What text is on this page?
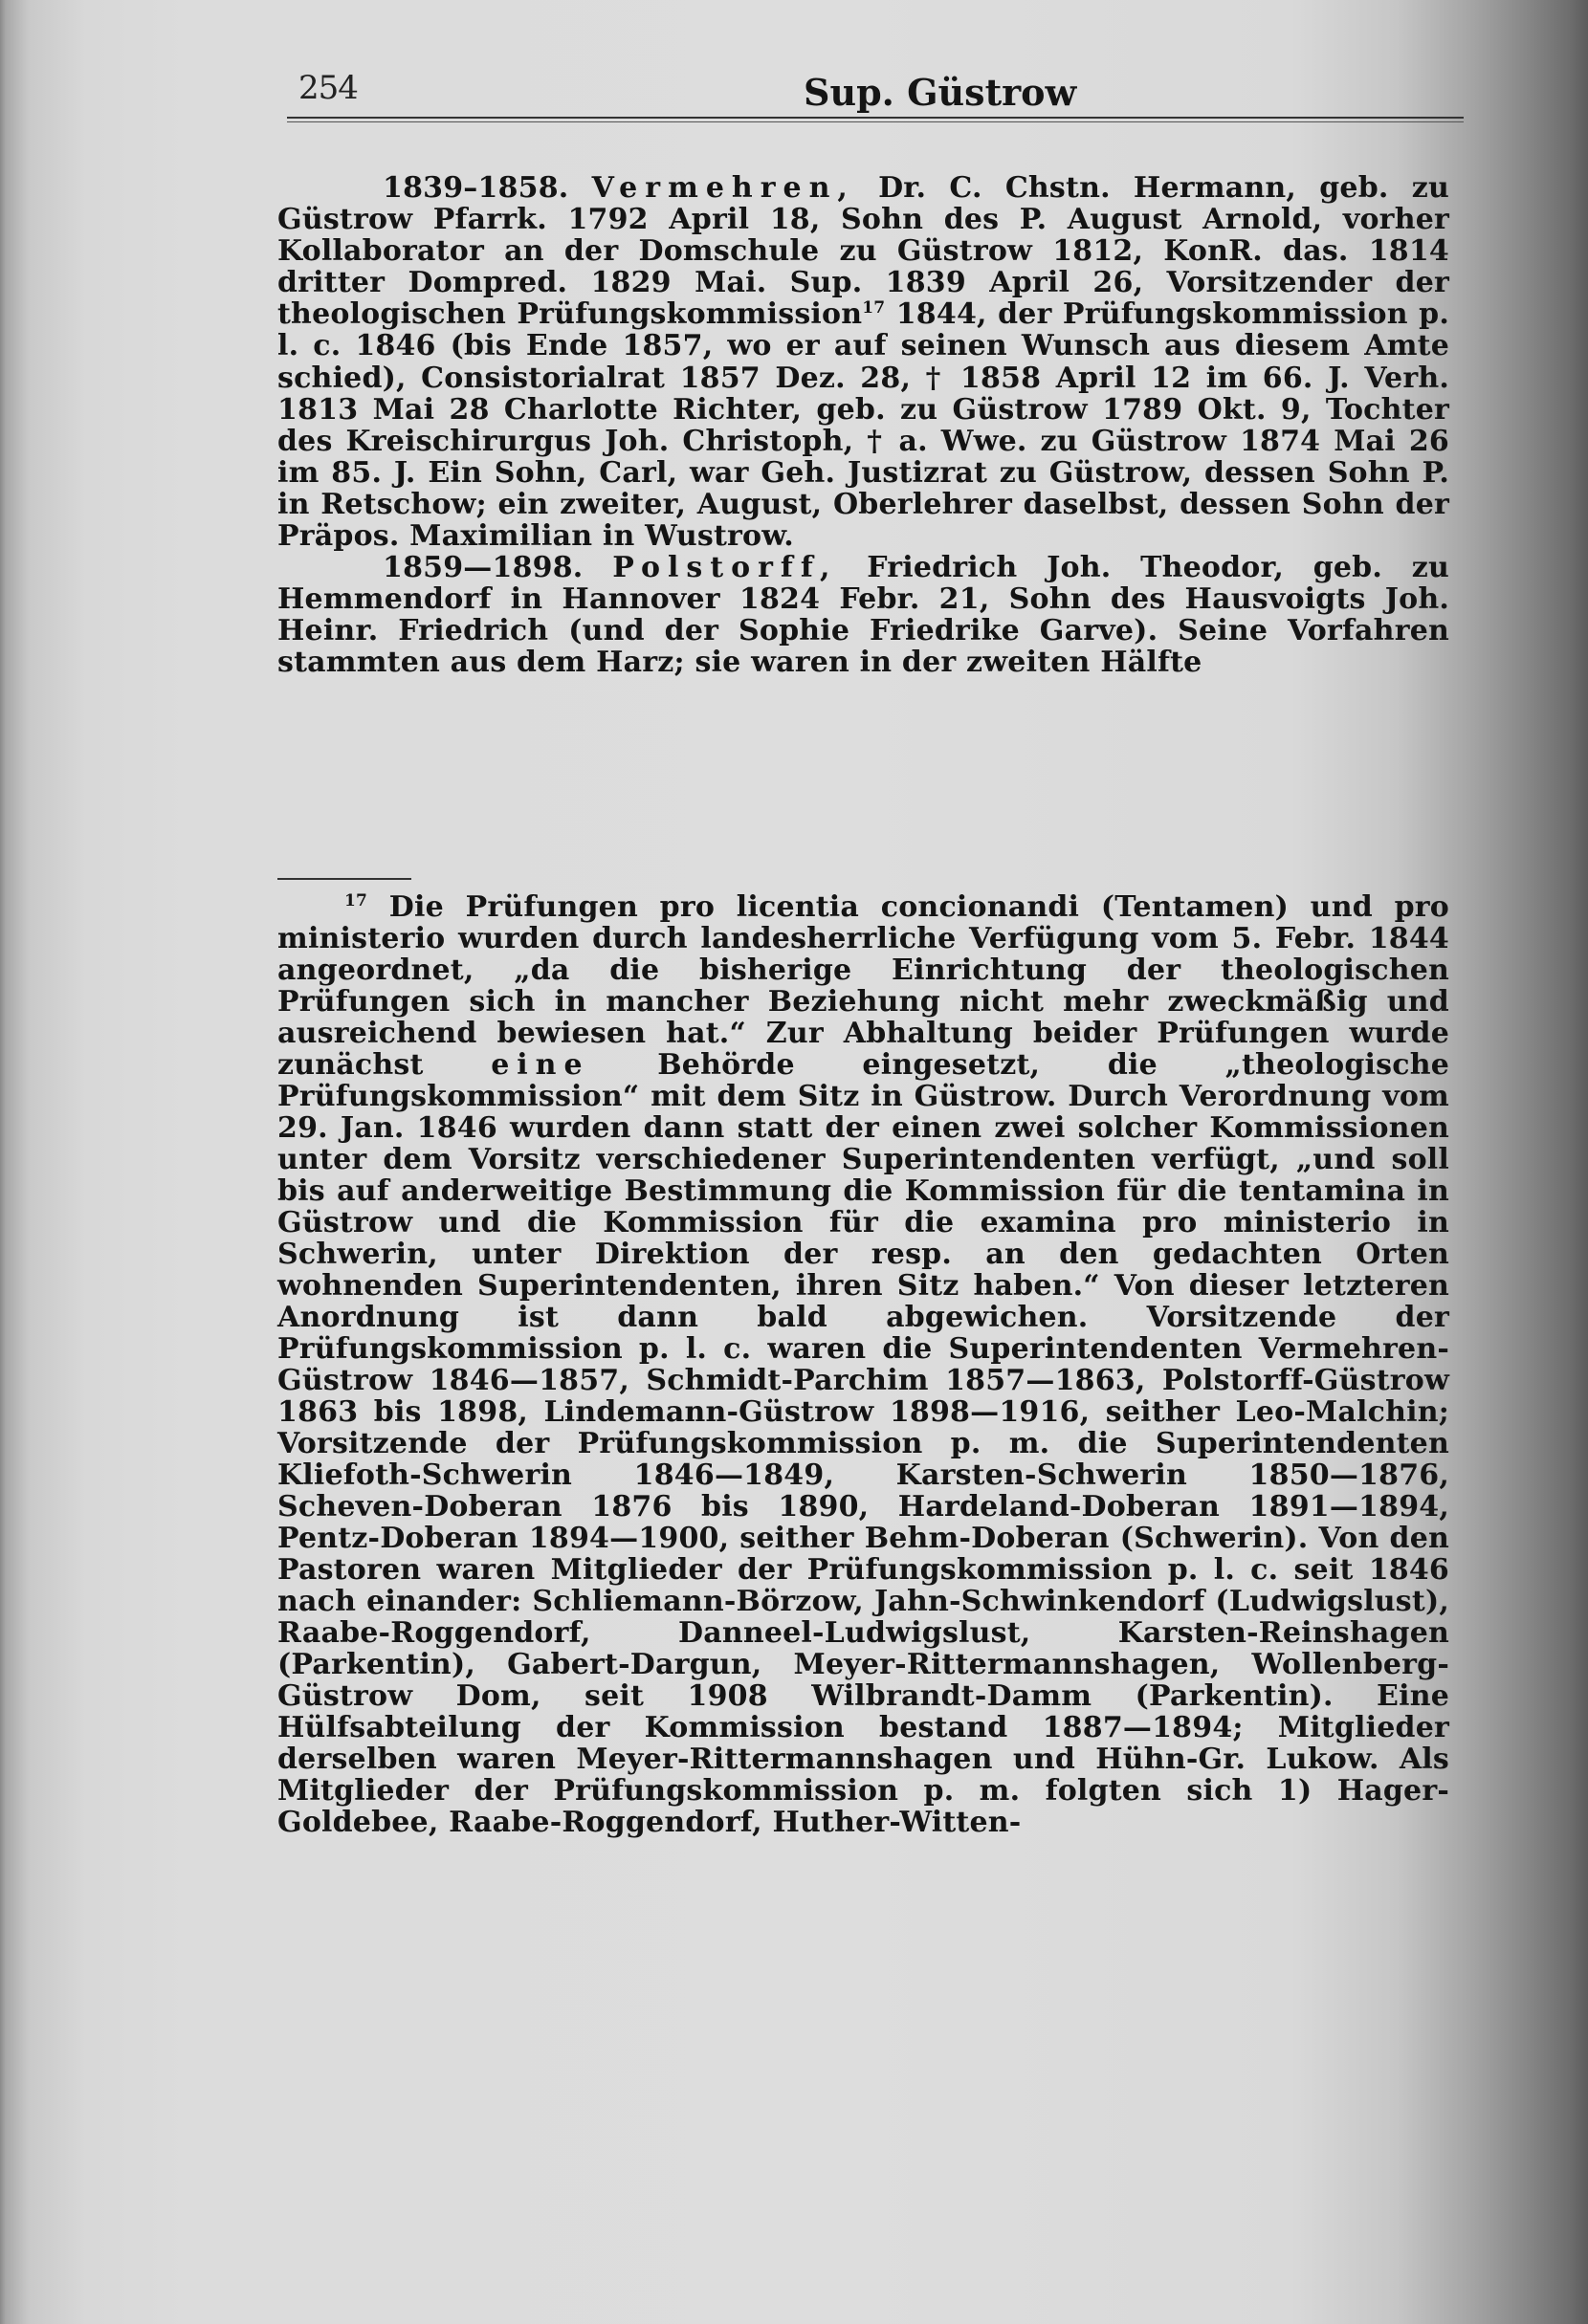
254	Sup. Güstrow

1839–1858. Vermehren, Dr. C. Chstn. Hermann, geb. zu Güstrow Pfarrk. 1792 April 18, Sohn des P. August Arnold, vorher Kollaborator an der Domschule zu Güstrow 1812, KonR. das. 1814 dritter Dompred. 1829 Mai. Sup. 1839 April 26, Vorsitzender der theologischen Prüfungskommission$^{17}$ 1844, der Prüfungskommission p. l. c. 1846 (bis Ende 1857, wo er auf seinen Wunsch aus diesem Amte schied), Consistorialrat 1857 Dez. 28, † 1858 April 12 im 66. J. Verh. 1813 Mai 28 Charlotte Richter, geb. zu Güstrow 1789 Okt. 9, Tochter des Kreischirurgus Joh. Christoph, † a. Wwe. zu Güstrow 1874 Mai 26 im 85. J. Ein Sohn, Carl, war Geh. Justizrat zu Güstrow, dessen Sohn P. in Retschow; ein zweiter, August, Oberlehrer daselbst, dessen Sohn der Präpos. Maximilian in Wustrow.

1859—1898. Polstorff, Friedrich Joh. Theodor, geb. zu Hemmendorf in Hannover 1824 Febr. 21, Sohn des Hausvoigts Joh. Heinr. Friedrich (und der Sophie Friedrike Garve). Seine Vorfahren stammten aus dem Harz; sie waren in der zweiten Hälfte

$^{17}$ Die Prüfungen pro licentia concionandi (Tentamen) und pro ministerio wurden durch landesherrliche Verfügung vom 5. Febr. 1844 angeordnet, „da die bisherige Einrichtung der theologischen Prüfungen sich in mancher Beziehung nicht mehr zweckmäßig und ausreichend bewiesen hat.“ Zur Abhaltung beider Prüfungen wurde zunächst eine Behörde eingesetzt, die „theologische Prüfungskommission“ mit dem Sitz in Güstrow. Durch Verordnung vom 29. Jan. 1846 wurden dann statt der einen zwei solcher Kommissionen unter dem Vorsitz verschiedener Superintendenten verfügt, „und soll bis auf anderweitige Bestimmung die Kommission für die tentamina in Güstrow und die Kommission für die examina pro ministerio in Schwerin, unter Direktion der resp. an den gedachten Orten wohnenden Superintendenten, ihren Sitz haben.“ Von dieser letzteren Anordnung ist dann bald abgewichen. Vorsitzende der Prüfungskommission p. l. c. waren die Superintendenten Vermehren-Güstrow 1846—1857, Schmidt-Parchim 1857—1863, Polstorff-Güstrow 1863 bis 1898, Lindemann-Güstrow 1898—1916, seither Leo-Malchin; Vorsitzende der Prüfungskommission p. m. die Superintendenten Kliefoth-Schwerin 1846—1849, Karsten-Schwerin 1850—1876, Scheven-Doberan 1876 bis 1890, Hardeland-Doberan 1891—1894, Pentz-Doberan 1894—1900, seither Behm-Doberan (Schwerin). Von den Pastoren waren Mitglieder der Prüfungskommission p. l. c. seit 1846 nach einander: Schliemann-Börzow, Jahn-Schwinkendorf (Ludwigslust), Raabe-Roggendorf, Danneel-Ludwigslust, Karsten-Reinshagen (Parkentin), Gabert-Dargun, Meyer-Rittermannshagen, Wollenberg-Güstrow Dom, seit 1908 Wilbrandt-Damm (Parkentin). Eine Hülfsabteilung der Kommission bestand 1887—1894; Mitglieder derselben waren Meyer-Rittermannshagen und Hühn-Gr. Lukow. Als Mitglieder der Prüfungskommission p. m. folgten sich 1) Hager-Goldebee, Raabe-Roggendorf, Huther-Witten-
